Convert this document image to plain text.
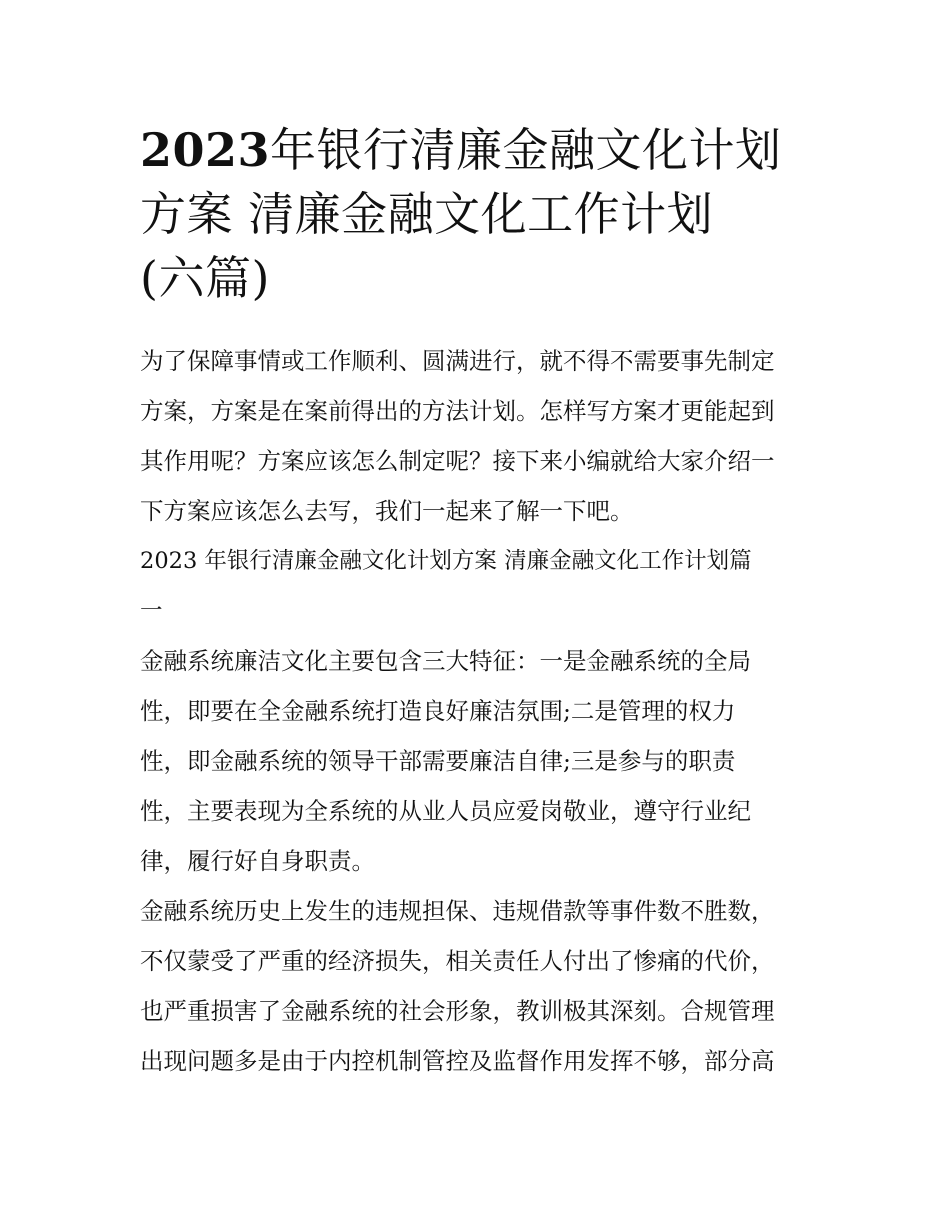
2023年银行清廉金融文化计划
方案 清廉金融文化工作计划
(六篇)
为了保障事情或工作顺利、圆满进行，就不得不需要事先制定
方案，方案是在案前得出的方法计划。怎样写方案才更能起到
其作用呢？方案应该怎么制定呢？接下来小编就给大家介绍一
下方案应该怎么去写，我们一起来了解一下吧。
2023 年银行清廉金融文化计划方案 清廉金融文化工作计划篇
一
金融系统廉洁文化主要包含三大特征：一是金融系统的全局
性，即要在全金融系统打造良好廉洁氛围;二是管理的权力
性，即金融系统的领导干部需要廉洁自律;三是参与的职责
性，主要表现为全系统的从业人员应爱岗敬业，遵守行业纪
律，履行好自身职责。
金融系统历史上发生的违规担保、违规借款等事件数不胜数，
不仅蒙受了严重的经济损失，相关责任人付出了惨痛的代价，
也严重损害了金融系统的社会形象，教训极其深刻。合规管理
出现问题多是由于内控机制管控及监督作用发挥不够，部分高
